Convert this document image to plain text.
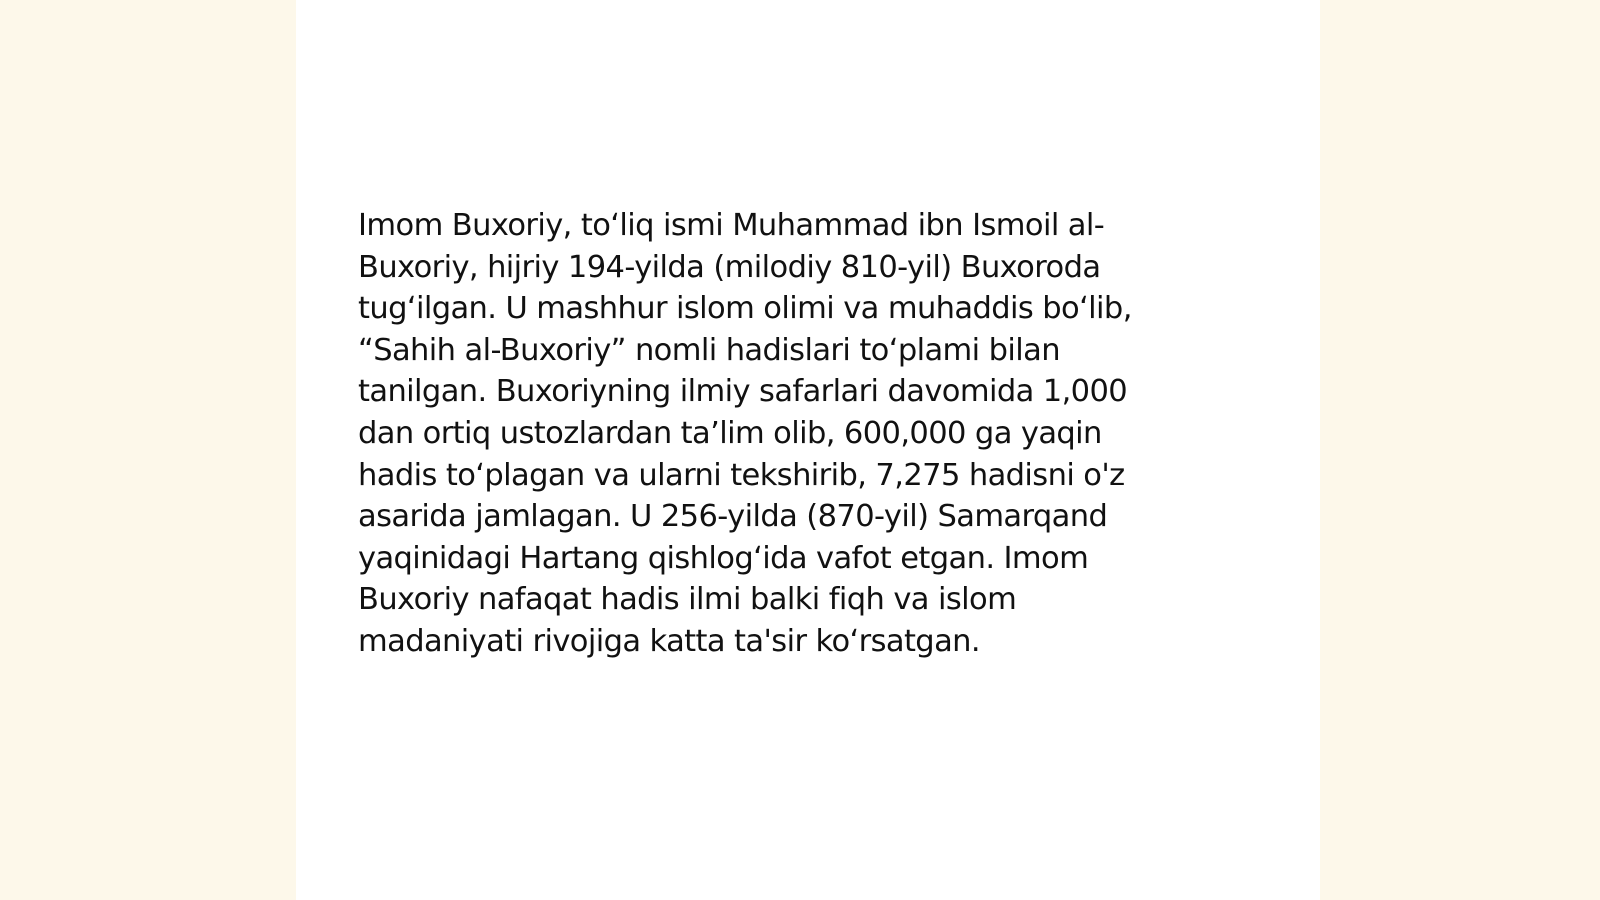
Imom Buxoriy, to‘liq ismi Muhammad ibn Ismoil al-
Buxoriy, hijriy 194-yilda (milodiy 810-yil) Buxoroda
tug‘ilgan. U mashhur islom olimi va muhaddis bo‘lib,
“Sahih al-Buxoriy” nomli hadislari to‘plami bilan
tanilgan. Buxoriyning ilmiy safarlari davomida 1,000
dan ortiq ustozlardan ta’lim olib, 600,000 ga yaqin
hadis to‘plagan va ularni tekshirib, 7,275 hadisni o'z
asarida jamlagan. U 256-yilda (870-yil) Samarqand
yaqinidagi Hartang qishlog‘ida vafot etgan. Imom
Buxoriy nafaqat hadis ilmi balki fiqh va islom
madaniyati rivojiga katta ta'sir ko‘rsatgan.
